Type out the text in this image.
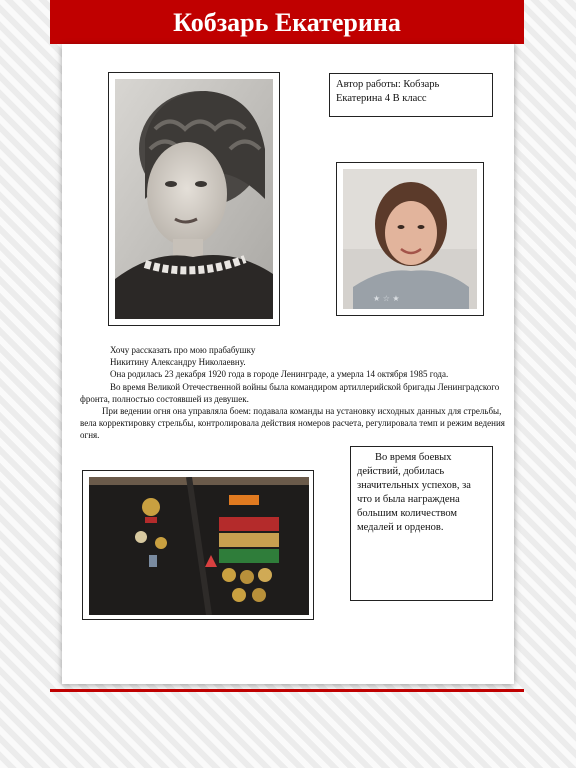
Кобзарь Екатерина
Автор работы: Кобзарь Екатерина 4 В класс
★ ☆ ★

Хочу рассказать про мою прабабушку

Никитину Александру Николаевну.

Она родилась 23 декабря 1920 года в городе Ленинграде, а умерла 14 октября 1985 года.

Во время Великой Отечественной войны была командиром артиллерийской бригады Ленинградского фронта, полностью состоявшей из девушек.

При ведении огня она управляла боем: подавала команды на установку исходных данных для стрельбы, вела корректировку стрельбы, контролировала действия номеров расчета, регулировала темп и режим ведения огня.

Во время боевых действий, добилась значительных успехов, за что и была награждена большим количеством медалей и орденов.
